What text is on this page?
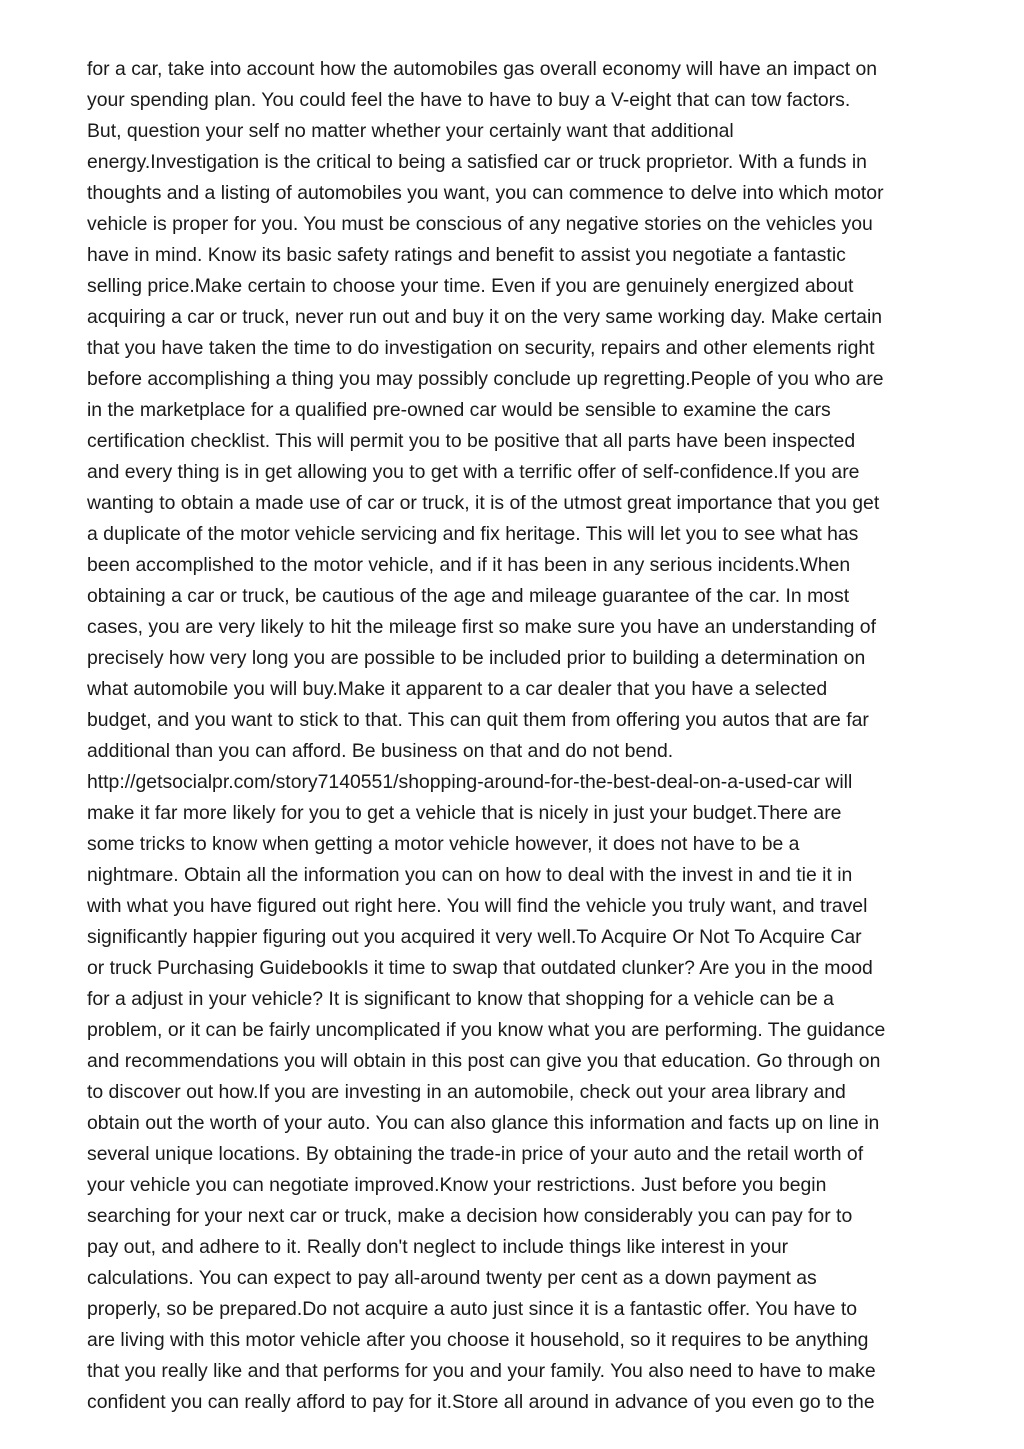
for a car, take into account how the automobiles gas overall economy will have an impact on
your spending plan. You could feel the have to have to buy a V-eight that can tow factors.
But, question your self no matter whether your certainly want that additional
energy.Investigation is the critical to being a satisfied car or truck proprietor. With a funds in
thoughts and a listing of automobiles you want, you can commence to delve into which motor
vehicle is proper for you. You must be conscious of any negative stories on the vehicles you
have in mind. Know its basic safety ratings and benefit to assist you negotiate a fantastic
selling price.Make certain to choose your time. Even if you are genuinely energized about
acquiring a car or truck, never run out and buy it on the very same working day. Make certain
that you have taken the time to do investigation on security, repairs and other elements right
before accomplishing a thing you may possibly conclude up regretting.People of you who are
in the marketplace for a qualified pre-owned car would be sensible to examine the cars
certification checklist. This will permit you to be positive that all parts have been inspected
and every thing is in get allowing you to get with a terrific offer of self-confidence.If you are
wanting to obtain a made use of car or truck, it is of the utmost great importance that you get
a duplicate of the motor vehicle servicing and fix heritage. This will let you to see what has
been accomplished to the motor vehicle, and if it has been in any serious incidents.When
obtaining a car or truck, be cautious of the age and mileage guarantee of the car. In most
cases, you are very likely to hit the mileage first so make sure you have an understanding of
precisely how very long you are possible to be included prior to building a determination on
what automobile you will buy.Make it apparent to a car dealer that you have a selected
budget, and you want to stick to that. This can quit them from offering you autos that are far
additional than you can afford. Be business on that and do not bend.
http://getsocialpr.com/story7140551/shopping-around-for-the-best-deal-on-a-used-car will
make it far more likely for you to get a vehicle that is nicely in just your budget.There are
some tricks to know when getting a motor vehicle however, it does not have to be a
nightmare. Obtain all the information you can on how to deal with the invest in and tie it in
with what you have figured out right here. You will find the vehicle you truly want, and travel
significantly happier figuring out you acquired it very well.To Acquire Or Not To Acquire Car
or truck Purchasing GuidebookIs it time to swap that outdated clunker? Are you in the mood
for a adjust in your vehicle? It is significant to know that shopping for a vehicle can be a
problem, or it can be fairly uncomplicated if you know what you are performing. The guidance
and recommendations you will obtain in this post can give you that education. Go through on
to discover out how.If you are investing in an automobile, check out your area library and
obtain out the worth of your auto. You can also glance this information and facts up on line in
several unique locations. By obtaining the trade-in price of your auto and the retail worth of
your vehicle you can negotiate improved.Know your restrictions. Just before you begin
searching for your next car or truck, make a decision how considerably you can pay for to
pay out, and adhere to it. Really don't neglect to include things like interest in your
calculations. You can expect to pay all-around twenty per cent as a down payment as
properly, so be prepared.Do not acquire a auto just since it is a fantastic offer. You have to
are living with this motor vehicle after you choose it household, so it requires to be anything
that you really like and that performs for you and your family. You also need to have to make
confident you can really afford to pay for it.Store all around in advance of you even go to the
